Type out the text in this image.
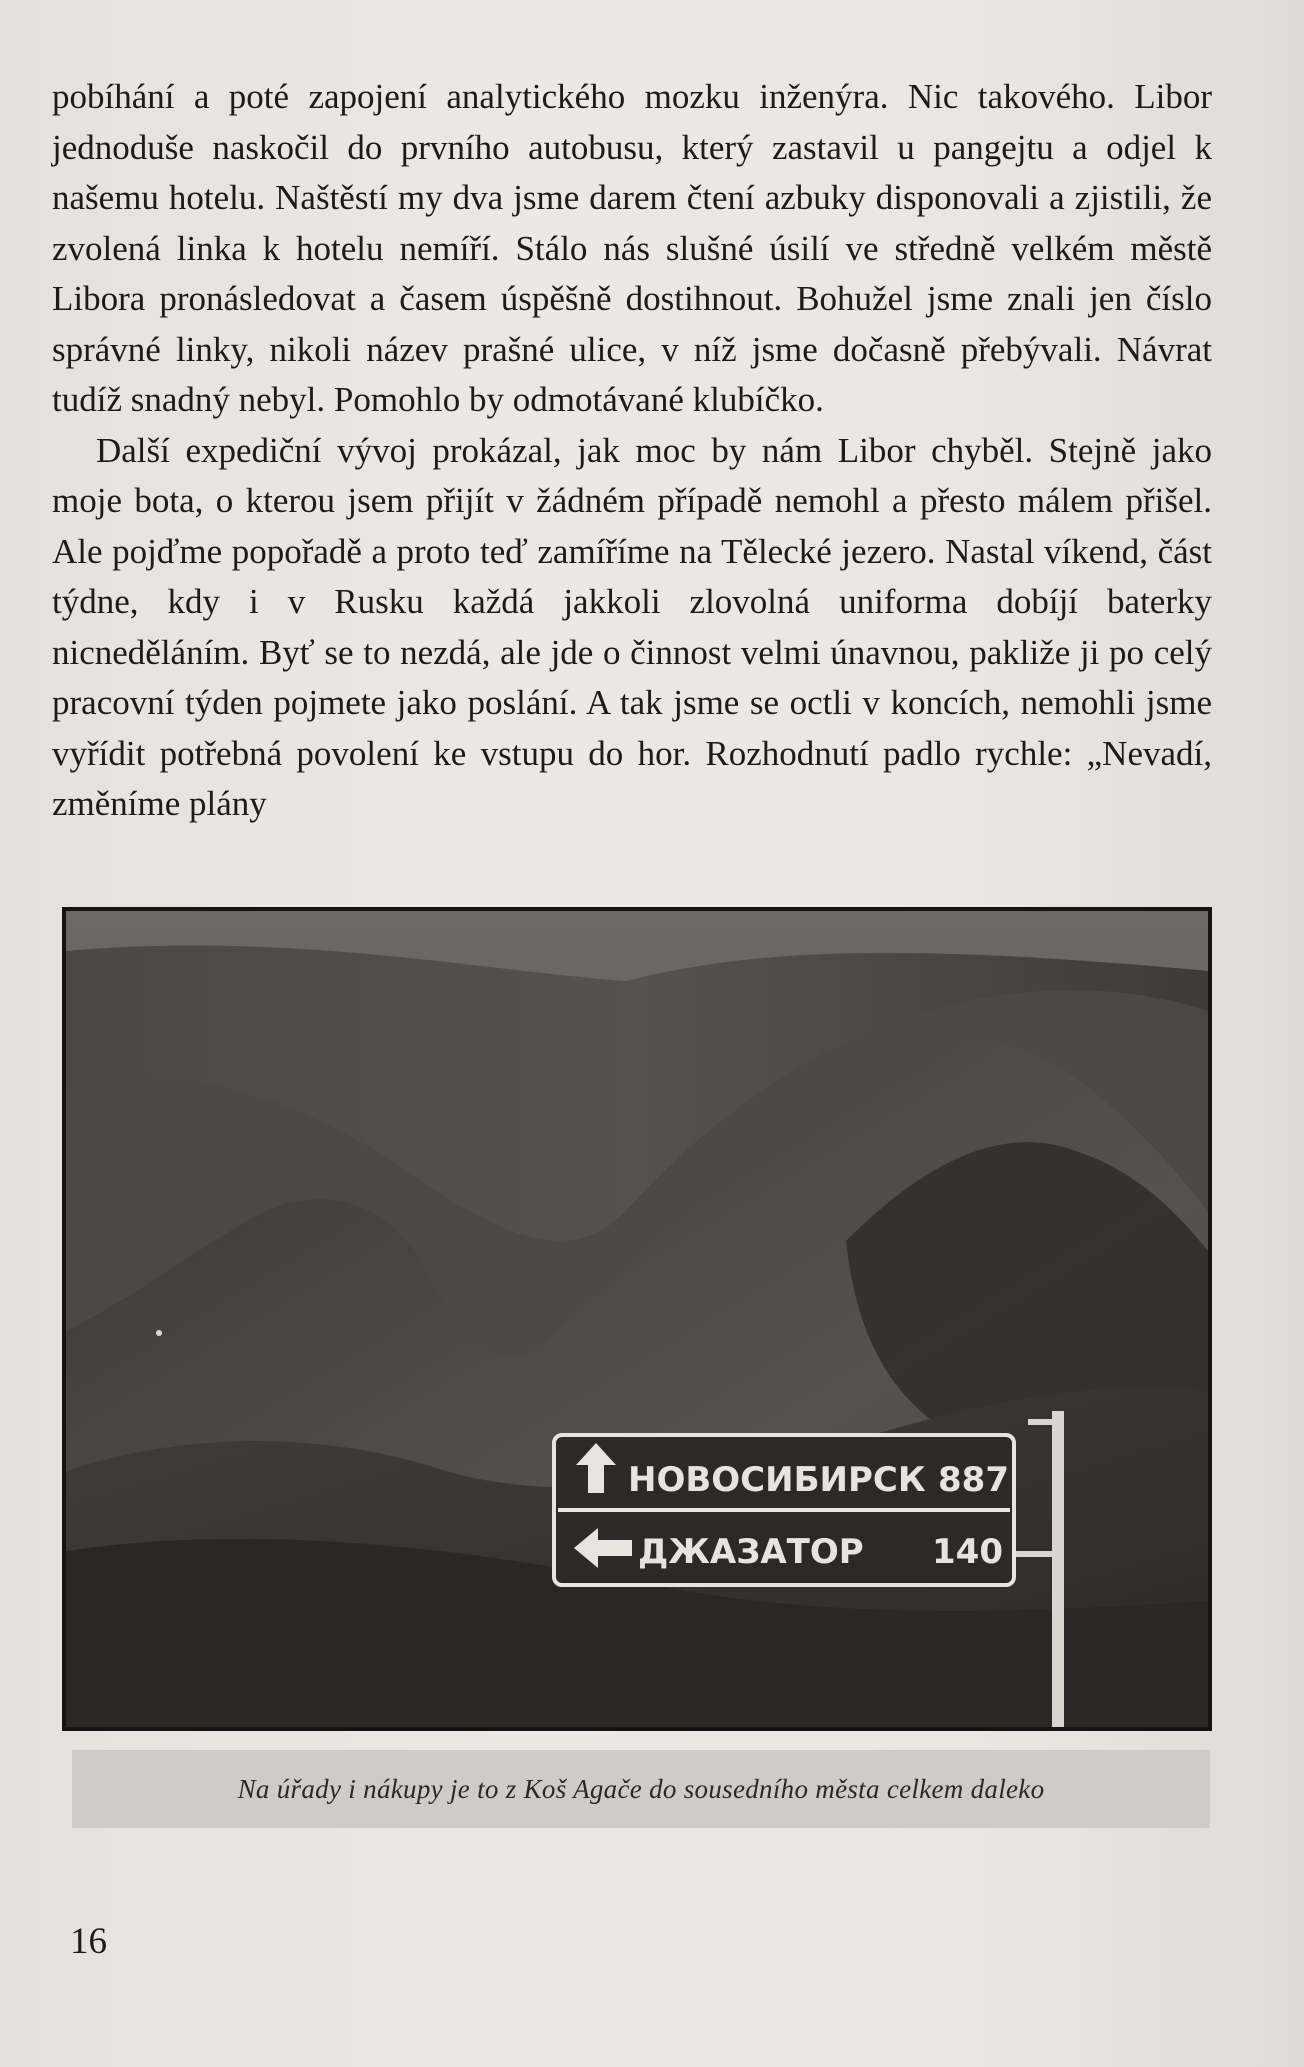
pobíhání a poté zapojení analytického mozku inženýra. Nic takového. Libor jednoduše naskočil do prvního autobusu, který zastavil u pangejtu a odjel k našemu hotelu. Naštěstí my dva jsme darem čtení azbuky disponovali a zjistili, že zvolená linka k hotelu nemíří. Stálo nás slušné úsilí ve středně velkém městě Libora pronásledovat a časem úspěšně dostihnout. Bohužel jsme znali jen číslo správné linky, nikoli název prašné ulice, v níž jsme dočasně přebývali. Návrat tudíž snadný nebyl. Pomohlo by odmotávané klubíčko.

Další expediční vývoj prokázal, jak moc by nám Libor chyběl. Stejně jako moje bota, o kterou jsem přijít v žádném případě nemohl a přesto málem přišel. Ale pojďme popořadě a proto teď zamíříme na Tělecké jezero. Nastal víkend, část týdne, kdy i v Rusku každá jakkoli zlovolná uniforma dobíjí baterky nicneděláním. Byť se to nezdá, ale jde o činnost velmi únavnou, pakliže ji po celý pracovní týden pojmete jako poslání. A tak jsme se octli v koncích, nemohli jsme vyřídit potřebná povolení ke vstupu do hor. Rozhodnutí padlo rychle: „Nevadí, změníme plány

НОВОСИБИРСК 887
ДЖАЗАТОР 140
Na úřady i nákupy je to z Koš Agače do sousedního města celkem daleko
16
